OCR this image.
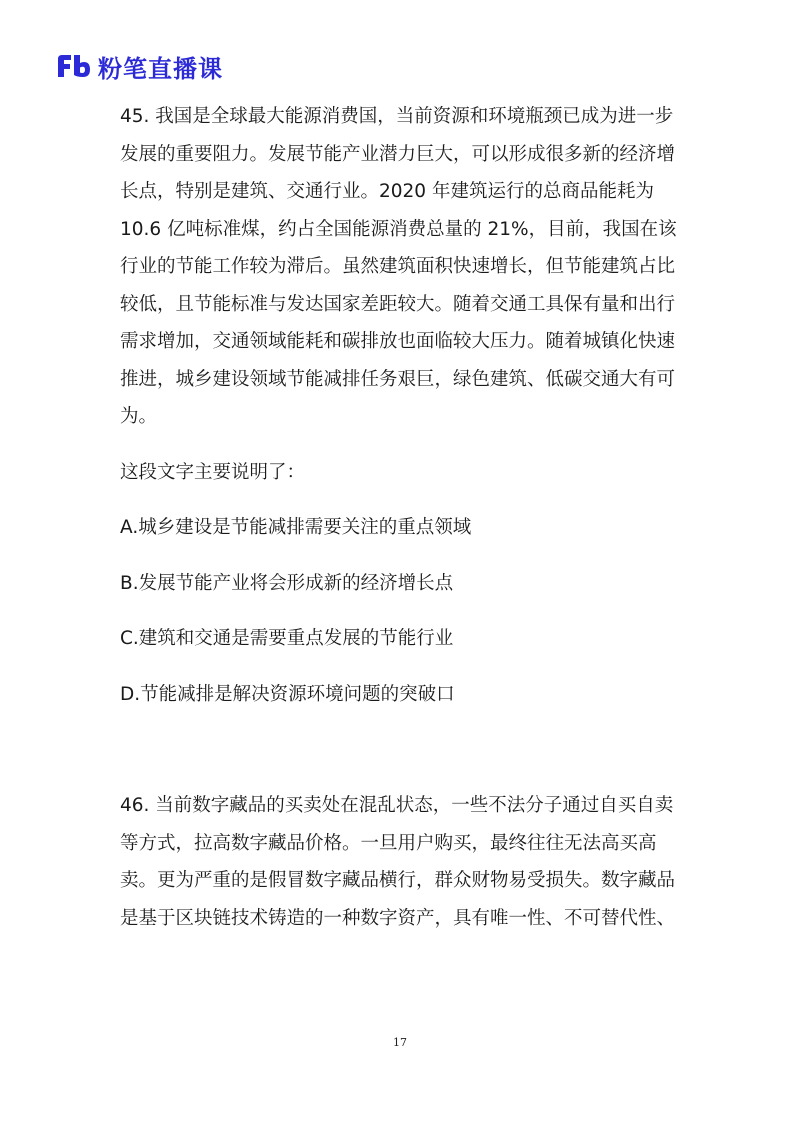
粉笔直播课

45. 我国是全球最大能源消费国，当前资源和环境瓶颈已成为进一步发展的重要阻力。发展节能产业潜力巨大，可以形成很多新的经济增长点，特别是建筑、交通行业。2020 年建筑运行的总商品能耗为 10.6 亿吨标准煤，约占全国能源消费总量的 21%，目前，我国在该行业的节能工作较为滞后。虽然建筑面积快速增长，但节能建筑占比较低，且节能标准与发达国家差距较大。随着交通工具保有量和出行需求增加，交通领域能耗和碳排放也面临较大压力。随着城镇化快速推进，城乡建设领域节能减排任务艰巨，绿色建筑、低碳交通大有可为。

这段文字主要说明了：

A.城乡建设是节能减排需要关注的重点领域

B.发展节能产业将会形成新的经济增长点

C.建筑和交通是需要重点发展的节能行业

D.节能减排是解决资源环境问题的突破口

46. 当前数字藏品的买卖处在混乱状态，一些不法分子通过自买自卖等方式，拉高数字藏品价格。一旦用户购买，最终往往无法高买高卖。更为严重的是假冒数字藏品横行，群众财物易受损失。数字藏品是基于区块链技术铸造的一种数字资产，具有唯一性、不可替代性、

17
